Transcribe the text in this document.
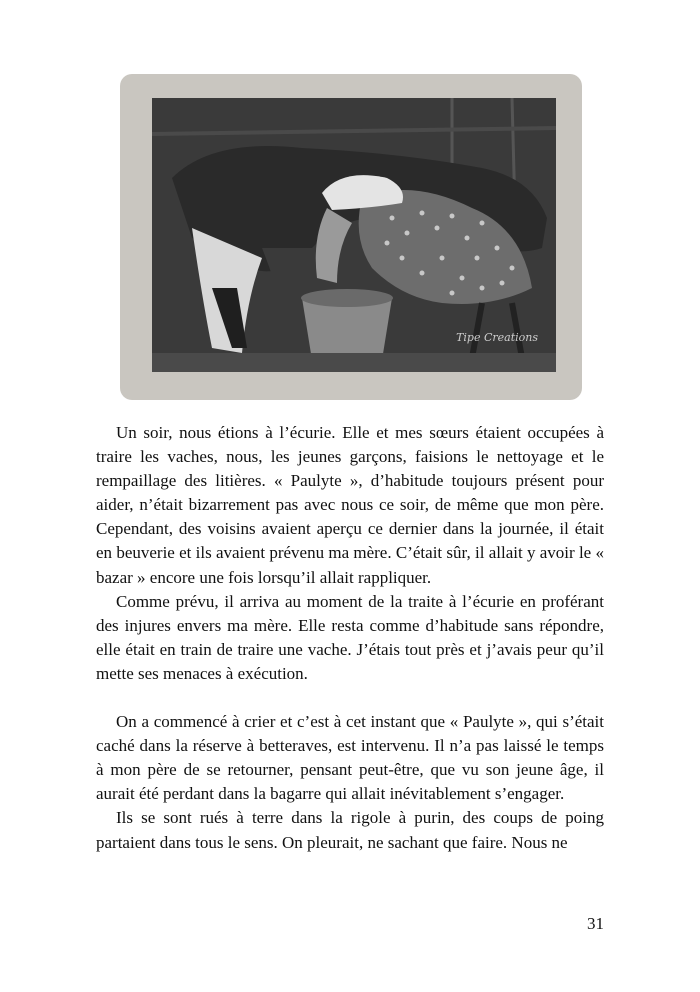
Tipe Creations

Un soir, nous étions à l’écurie. Elle et mes sœurs étaient occupées à traire les vaches, nous, les jeunes garçons, faisions le nettoyage et le rempaillage des litières. « Paulyte », d’habitude toujours présent pour aider, n’était bizarrement pas avec nous ce soir, de même que mon père. Cependant, des voisins avaient aperçu ce dernier dans la journée, il était en beuverie et ils avaient prévenu ma mère. C’était sûr, il allait y avoir le « bazar » encore une fois lorsqu’il allait rappliquer.

Comme prévu, il arriva au moment de la traite à l’écurie en proférant des injures envers ma mère. Elle resta comme d’habitude sans répondre, elle était en train de traire une vache. J’étais tout près et j’avais peur qu’il mette ses menaces à exécution.

On a commencé à crier et c’est à cet instant que « Paulyte », qui s’était caché dans la réserve à betteraves, est intervenu. Il n’a pas laissé le temps à mon père de se retourner, pensant peut-être, que vu son jeune âge, il aurait été perdant dans la bagarre qui allait inévitablement s’engager.

Ils se sont rués à terre dans la rigole à purin, des coups de poing partaient dans tous le sens. On pleurait, ne sachant que faire. Nous ne

31
